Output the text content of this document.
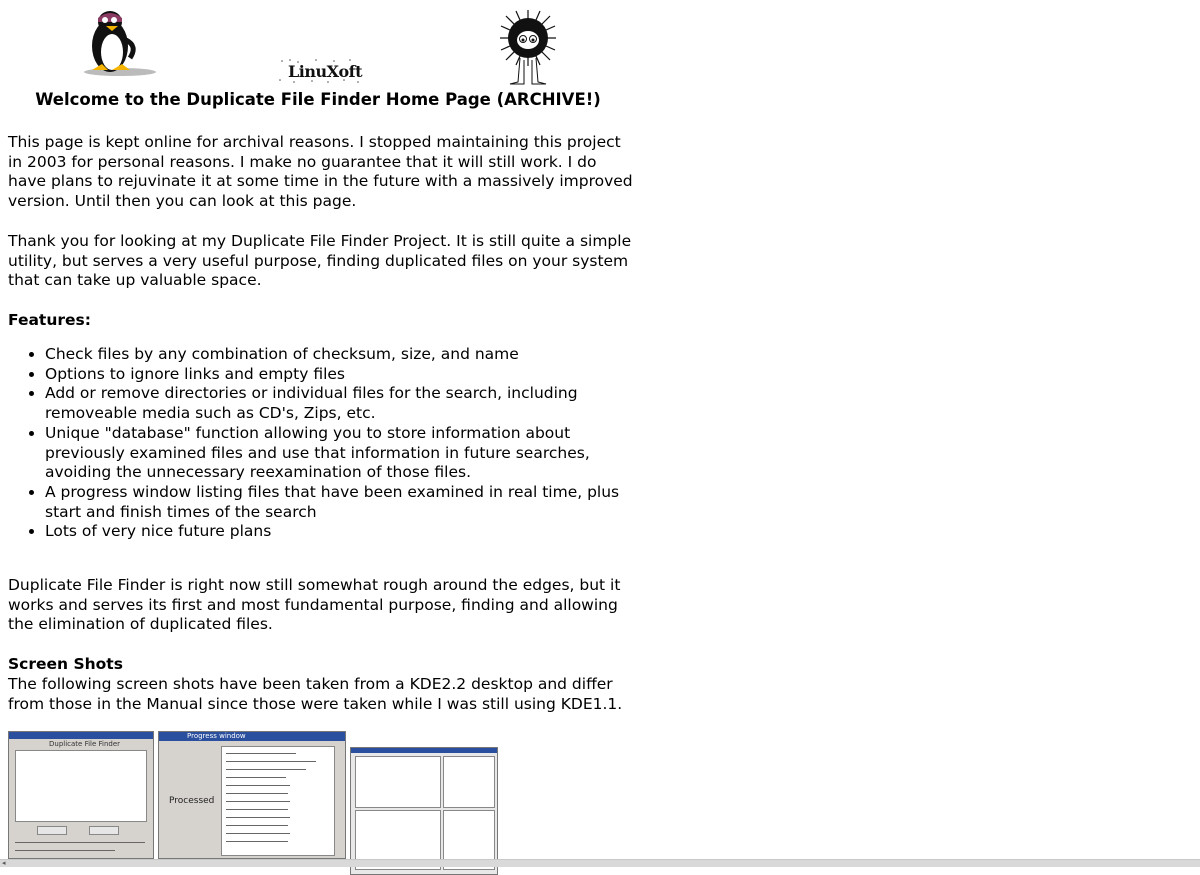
LinuXoft
Welcome to the Duplicate File Finder Home Page (ARCHIVE!)

This page is kept online for archival reasons. I stopped maintaining this project in 2003 for personal reasons. I make no guarantee that it will still work. I do have plans to rejuvinate it at some time in the future with a massively improved version. Until then you can look at this page.

Thank you for looking at my Duplicate File Finder Project. It is still quite a simple utility, but serves a very useful purpose, finding duplicated files on your system that can take up valuable space.

Features:

• Check files by any combination of checksum, size, and name
• Options to ignore links and empty files
• Add or remove directories or individual files for the search, including removeable media such as CD's, Zips, etc.
• Unique "database" function allowing you to store information about previously examined files and use that information in future searches, avoiding the unnecessary reexamination of those files.
• A progress window listing files that have been examined in real time, plus start and finish times of the search
• Lots of very nice future plans

Duplicate File Finder is right now still somewhat rough around the edges, but it works and serves its first and most fundamental purpose, finding and allowing the elimination of duplicated files.

Screen Shots

The following screen shots have been taken from a KDE2.2 desktop and differ from those in the Manual since those were taken while I was still using KDE1.1.

Duplicate File Finder
Progress window
Processed
◂
